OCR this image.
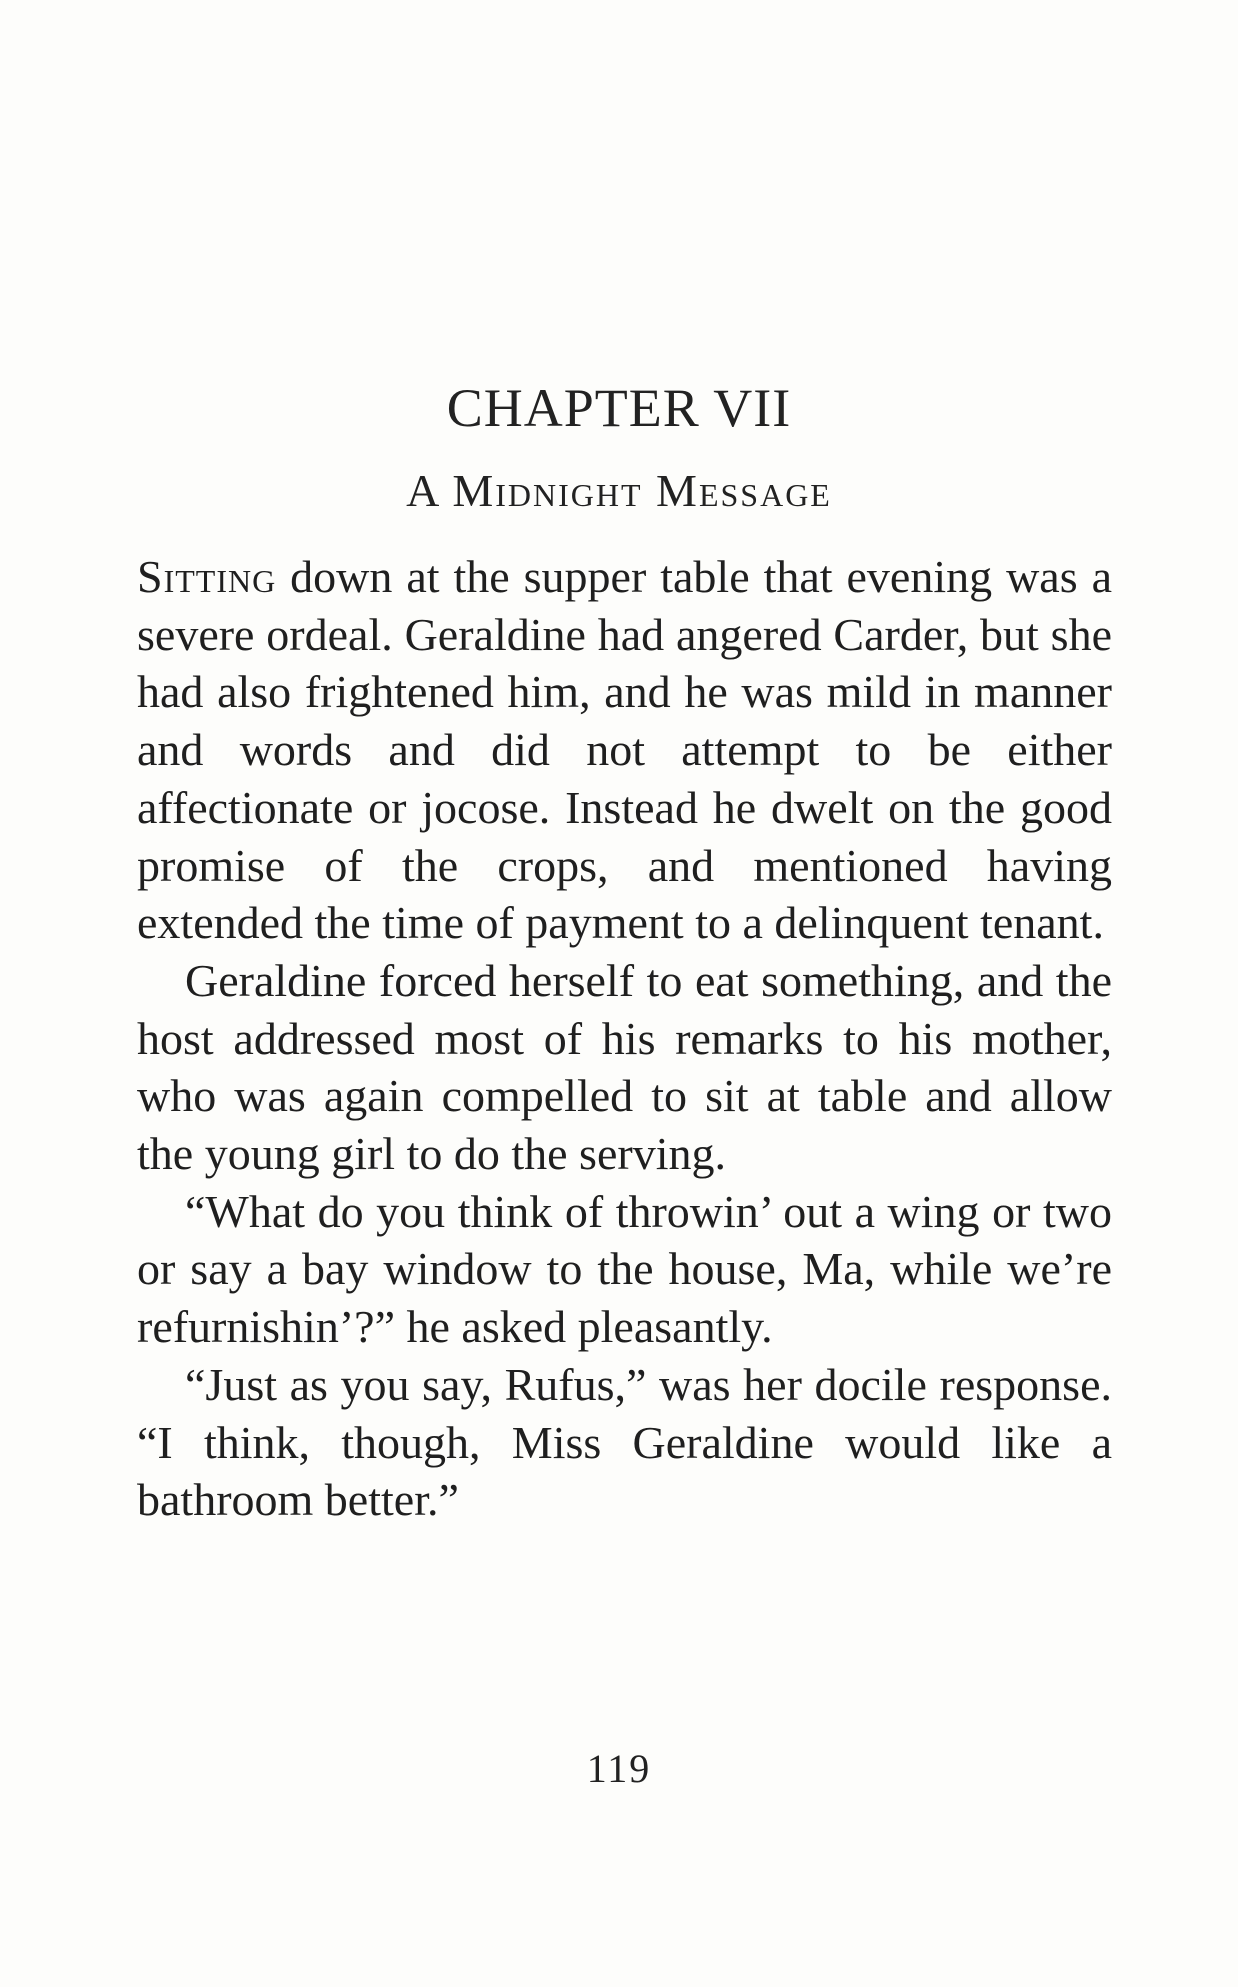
CHAPTER VII
A Midnight Message

Sitting down at the supper table that evening was a severe ordeal. Geraldine had angered Carder, but she had also frightened him, and he was mild in manner and words and did not attempt to be either affectionate or jocose. Instead he dwelt on the good promise of the crops, and mentioned having extended the time of payment to a delinquent tenant.

Geraldine forced herself to eat something, and the host addressed most of his remarks to his mother, who was again compelled to sit at table and allow the young girl to do the serving.

“What do you think of throwin’ out a wing or two or say a bay window to the house, Ma, while we’re refurnishin’?” he asked pleasantly.

“Just as you say, Rufus,” was her docile response. “I think, though, Miss Geraldine would like a bathroom better.”

119
